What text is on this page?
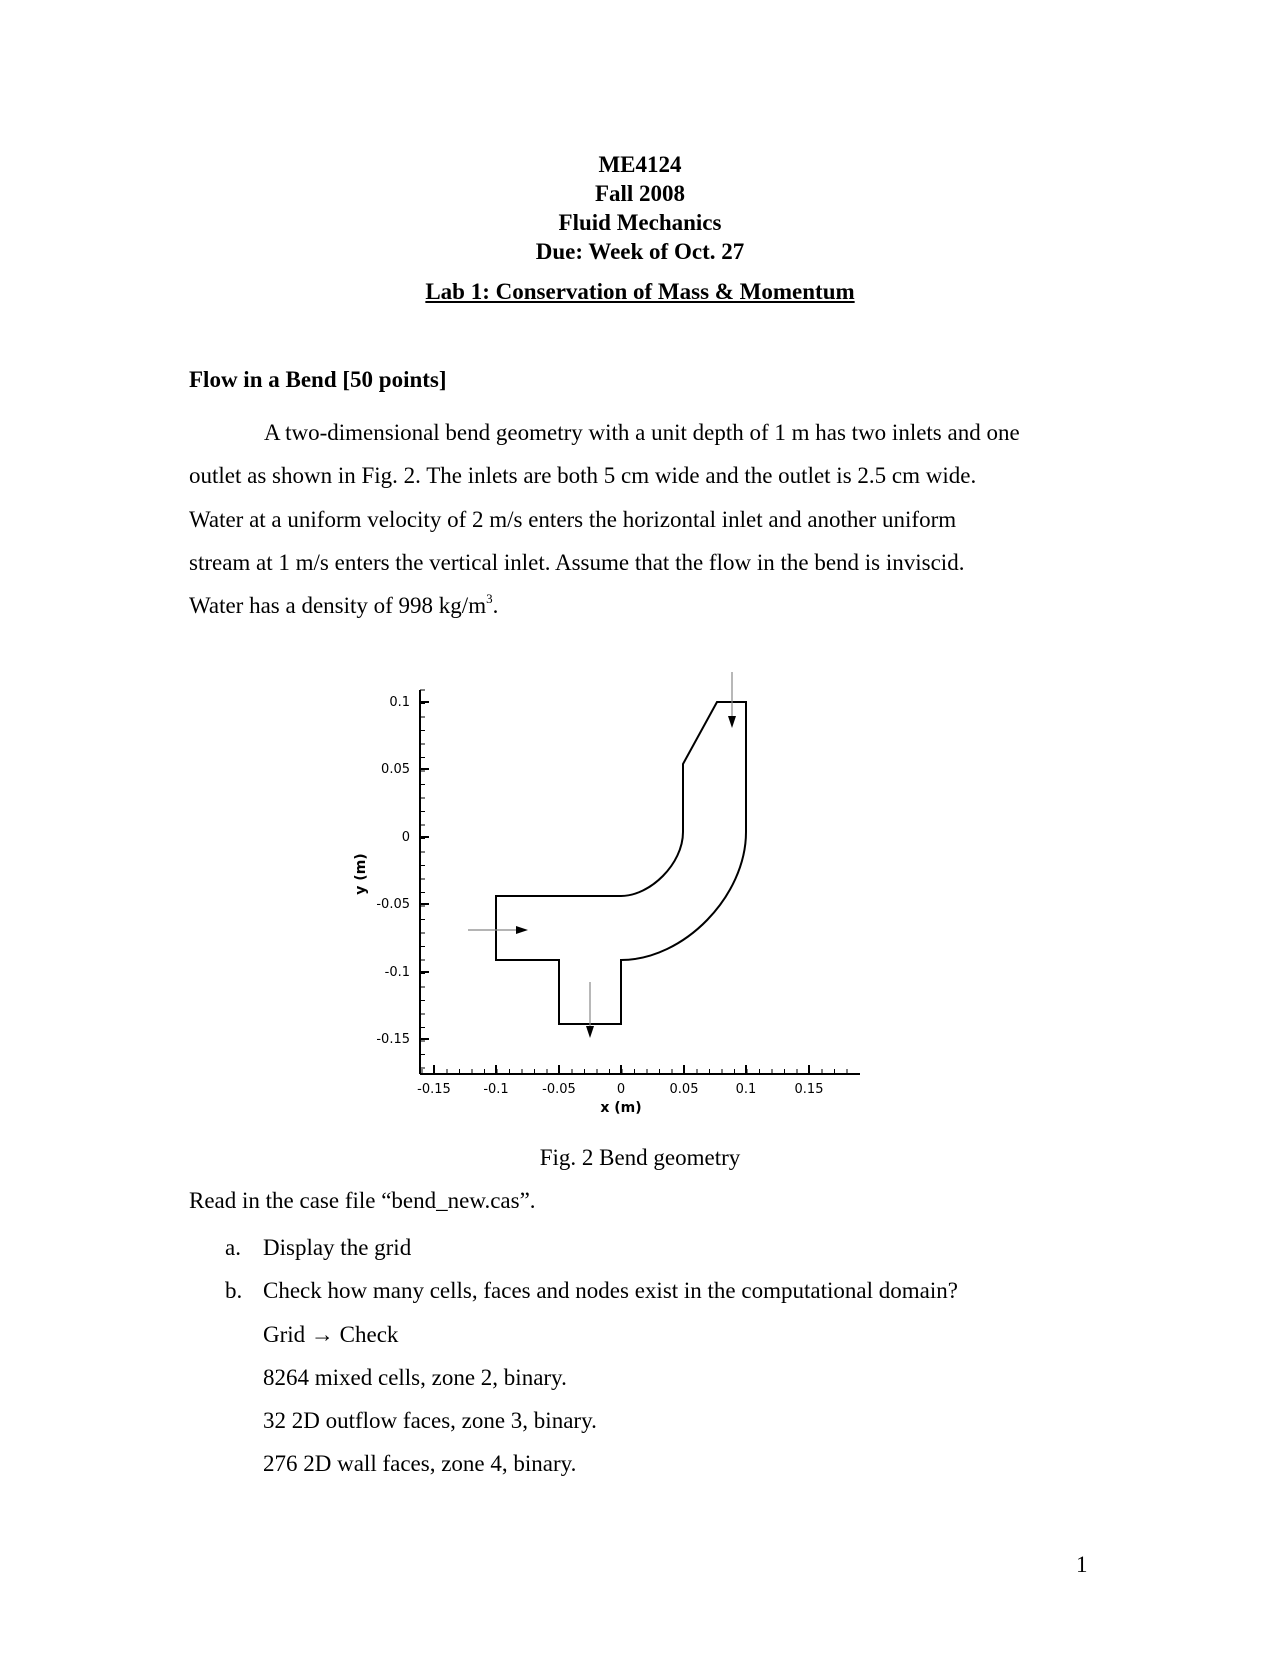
ME4124
Fall 2008
Fluid Mechanics
Due: Week of Oct. 27
Lab 1: Conservation of Mass & Momentum
Flow in a Bend [50 points]
A two-dimensional bend geometry with a unit depth of 1 m has two inlets and one
outlet as shown in Fig. 2. The inlets are both 5 cm wide and the outlet is 2.5 cm wide.
Water at a uniform velocity of 2 m/s enters the horizontal inlet and another uniform
stream at 1 m/s enters the vertical inlet. Assume that the flow in the bend is inviscid.
Water has a density of 998 $kg/m^3$.
0.1
0.05
0
-0.05
-0.1
-0.15
-0.15 -0.1	-0.05	0	0.05	0.1	0.15
x (m)
y (m)
Fig. 2 Bend geometry
Read in the case file “bend_new.cas”.
a. Display the grid
b. Check how many cells, faces and nodes exist in the computational domain?
Grid → Check
8264 mixed cells, zone 2, binary.
32 2D outflow faces, zone 3, binary.
276 2D wall faces, zone 4, binary.
1
